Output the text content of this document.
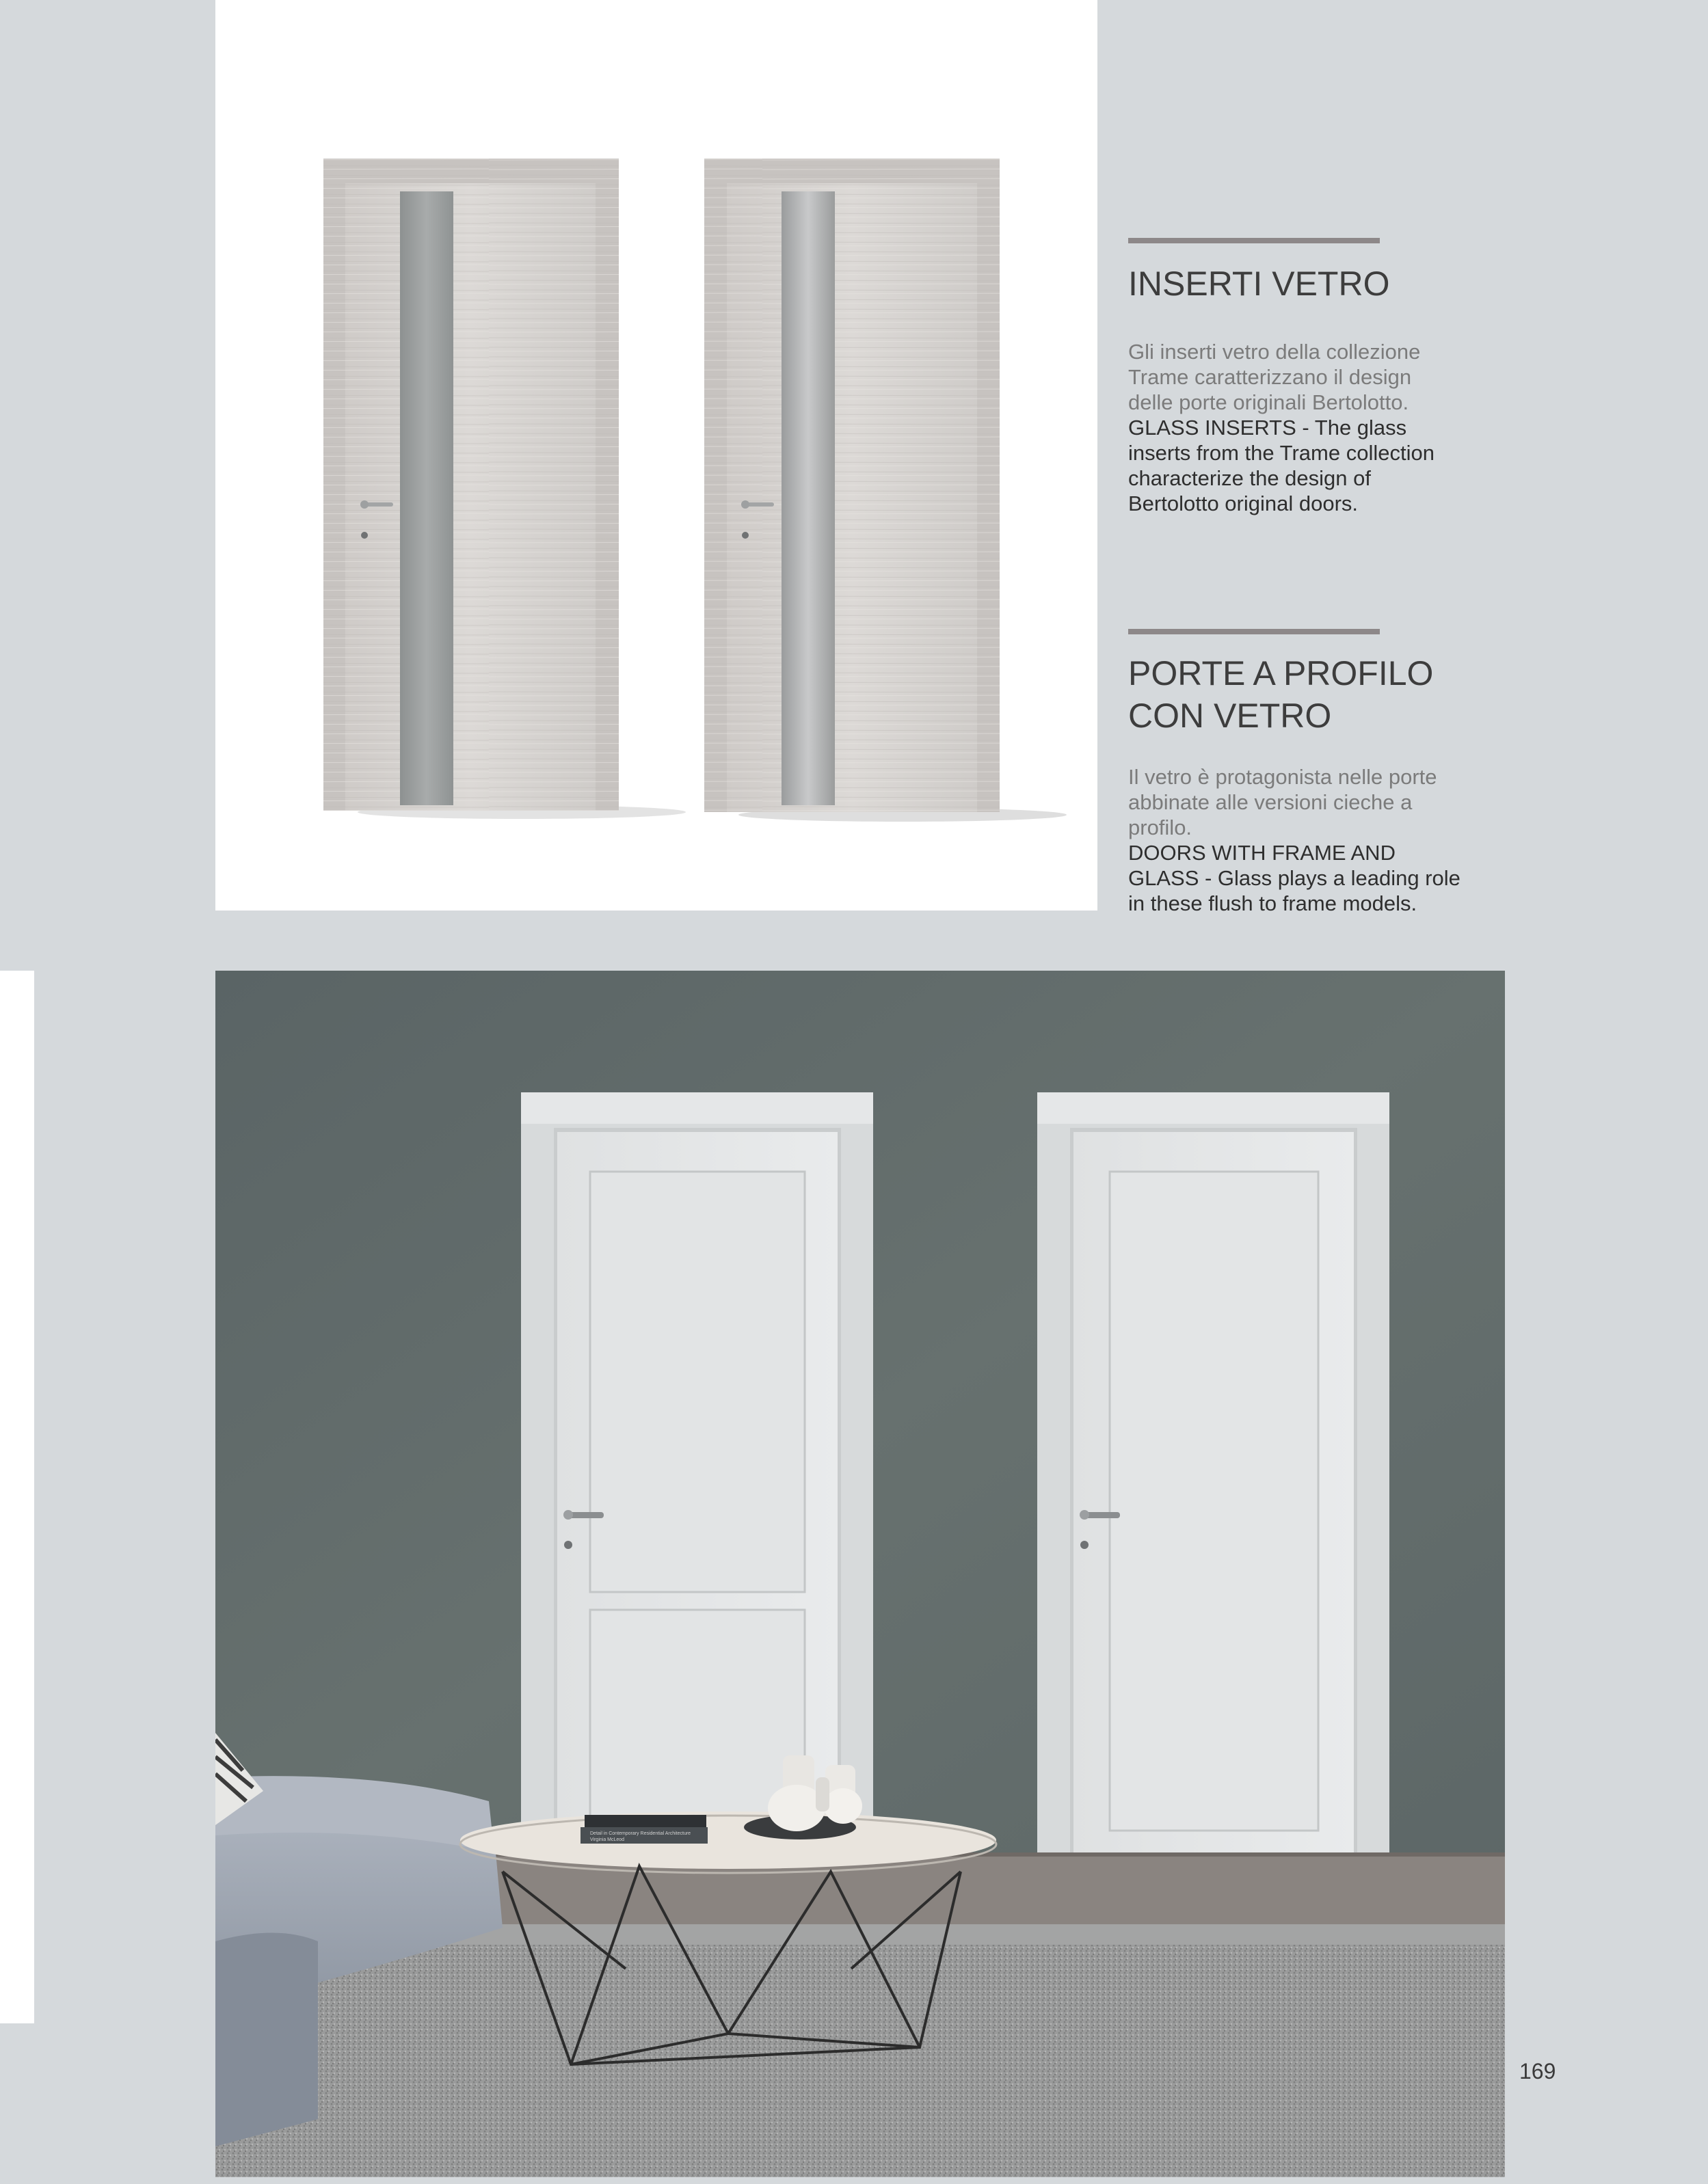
INSERTI VETRO
Gli inserti vetro della collezione
Trame caratterizzano il design
delle porte originali Bertolotto.
GLASS INSERTS - The glass
inserts from the Trame collection
characterize the design of
Bertolotto original doors.
PORTE A PROFILO
CON VETRO
Il vetro è protagonista nelle porte
abbinate alle versioni cieche a
profilo.
DOORS WITH FRAME AND
GLASS - Glass plays a leading role
in these flush to frame models.
Detail in Contemporary Residential Architecture
Virginia McLeod
169
